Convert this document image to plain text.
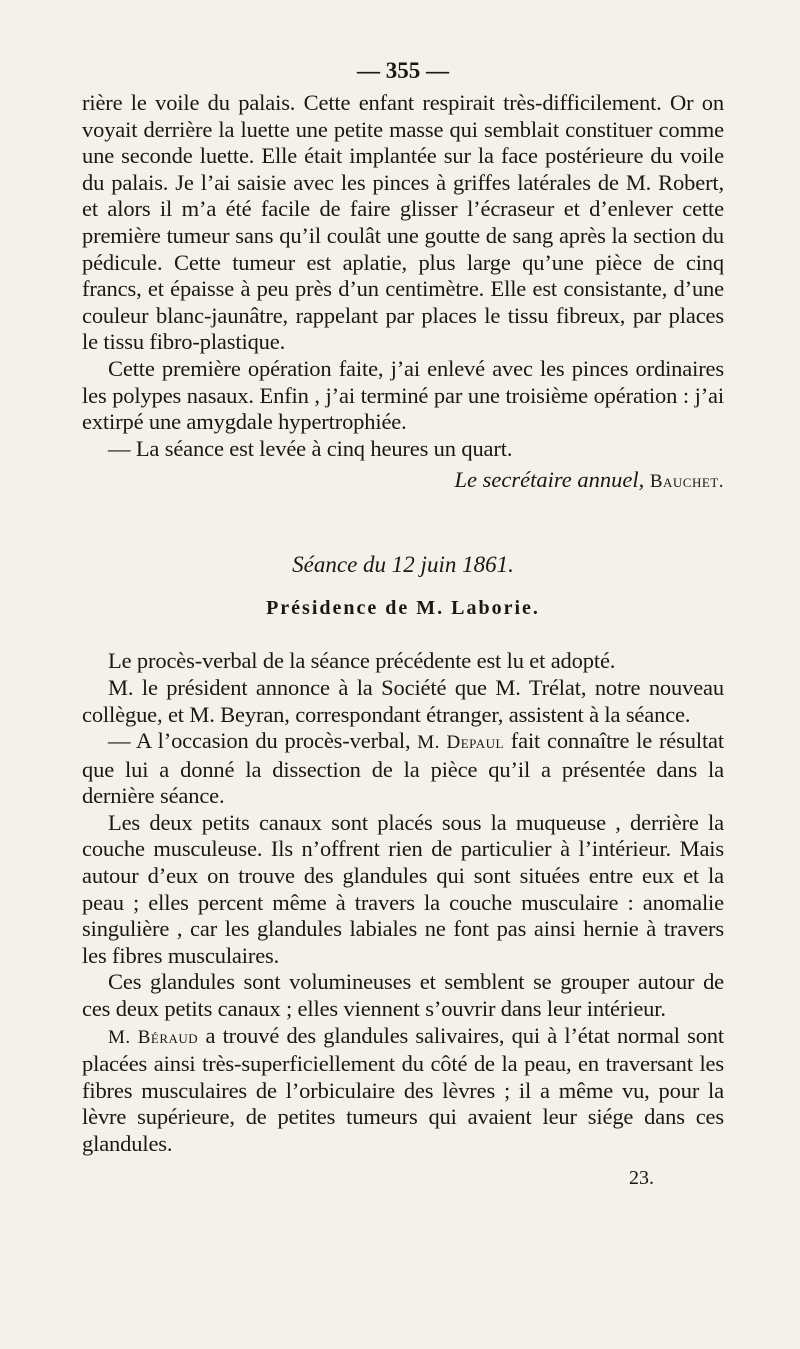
— 355 —

rière le voile du palais. Cette enfant respirait très-difficilement. Or on voyait derrière la luette une petite masse qui semblait constituer comme une seconde luette. Elle était implantée sur la face postérieure du voile du palais. Je l’ai saisie avec les pinces à griffes latérales de M. Robert, et alors il m’a été facile de faire glisser l’écraseur et d’enlever cette première tumeur sans qu’il coulât une goutte de sang après la section du pédicule. Cette tumeur est aplatie, plus large qu’une pièce de cinq francs, et épaisse à peu près d’un centimètre. Elle est consistante, d’une couleur blanc-jaunâtre, rappelant par places le tissu fibreux, par places le tissu fibro-plastique.

Cette première opération faite, j’ai enlevé avec les pinces ordinaires les polypes nasaux. Enfin , j’ai terminé par une troisième opération : j’ai extirpé une amygdale hypertrophiée.

— La séance est levée à cinq heures un quart.

Le secrétaire annuel, Bauchet.
Séance du 12 juin 1861.
Présidence de M. Laborie.

Le procès-verbal de la séance précédente est lu et adopté.

M. le président annonce à la Société que M. Trélat, notre nouveau collègue, et M. Beyran, correspondant étranger, assistent à la séance.

— A l’occasion du procès-verbal, M. Depaul fait connaître le résultat que lui a donné la dissection de la pièce qu’il a présentée dans la dernière séance.

Les deux petits canaux sont placés sous la muqueuse , derrière la couche musculeuse. Ils n’offrent rien de particulier à l’intérieur. Mais autour d’eux on trouve des glandules qui sont situées entre eux et la peau ; elles percent même à travers la couche musculaire : anomalie singulière , car les glandules labiales ne font pas ainsi hernie à travers les fibres musculaires.

Ces glandules sont volumineuses et semblent se grouper autour de ces deux petits canaux ; elles viennent s’ouvrir dans leur intérieur.

M. Béraud a trouvé des glandules salivaires, qui à l’état normal sont placées ainsi très-superficiellement du côté de la peau, en traversant les fibres musculaires de l’orbiculaire des lèvres ; il a même vu, pour la lèvre supérieure, de petites tumeurs qui avaient leur siége dans ces glandules.

23.
